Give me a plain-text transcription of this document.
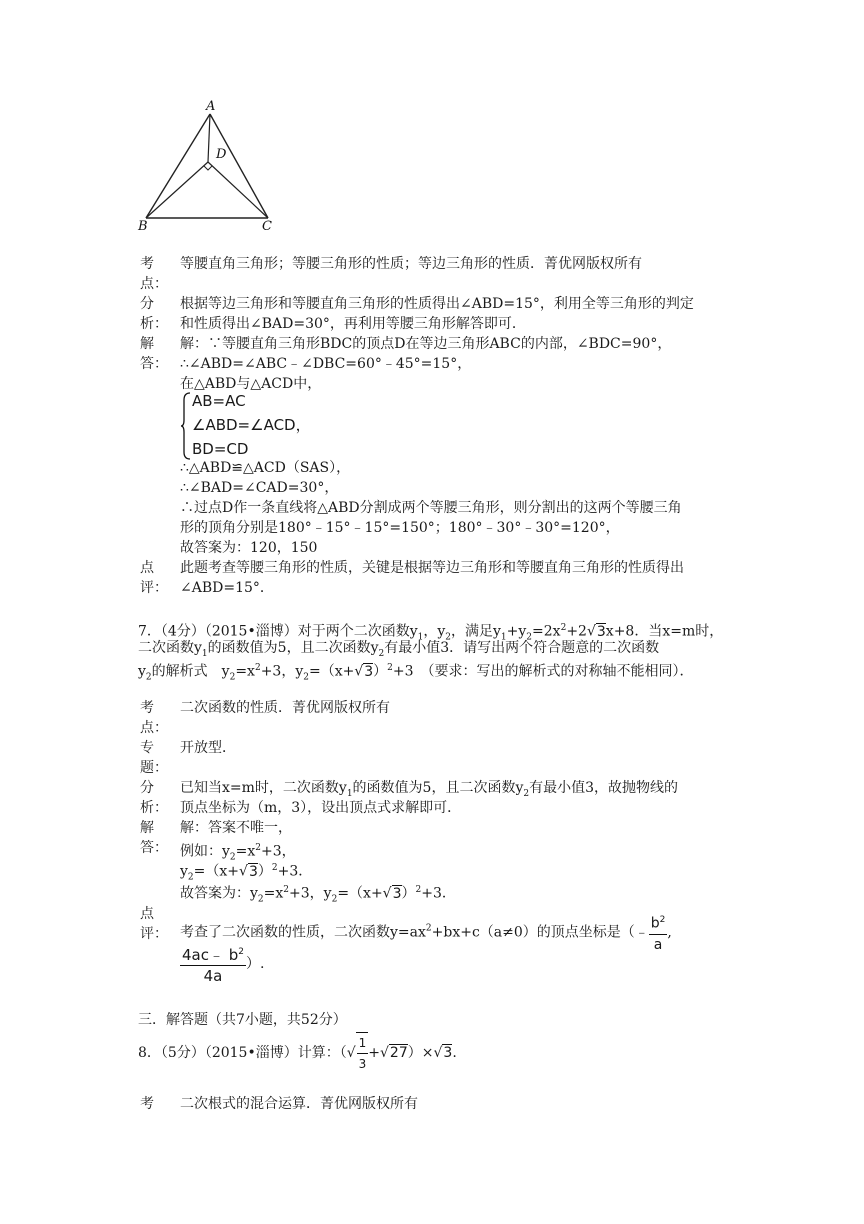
A
D
B	C
考
点：
等腰直角三角形；等腰三角形的性质；等边三角形的性质．菁优网版权所有
分
析：
根据等边三角形和等腰直角三角形的性质得出∠ABD=15°，利用全等三角形的判定
和性质得出∠BAD=30°，再利用等腰三角形解答即可．
解
答：
解：∵等腰直角三角形BDC的顶点D在等边三角形ABC的内部，∠BDC=90°，
∴∠ABD=∠ABC﹣∠DBC=60°﹣45°=15°，
在△ABD与△ACD中，
AB=AC
∠ABD=∠ACD，
BD=CD
∴△ABD≌△ACD（SAS），
∴∠BAD=∠CAD=30°，
∴过点D作一条直线将△ABD分割成两个等腰三角形，则分割出的这两个等腰三角
形的顶角分别是180°﹣15°﹣15°=150°；180°﹣30°﹣30°=120°，
故答案为：120，150
点
评：
此题考查等腰三角形的性质，关键是根据等边三角形和等腰直角三角形的性质得出
∠ABD=15°．
7．（4分）（2015•淄博）对于两个二次函数$y_1$，$y_2$，满足$y_1+y_2=2x^2+2√3x+8$．当x=m时，
二次函数$y_1$的函数值为5，且二次函数$y_2$有最小值3．请写出两个符合题意的二次函数
$y_2$的解析式　$y_2=x^2+3$，$y_2=(x+√3)^2+3$　（要求：写出的解析式的对称轴不能相同）．
考
点：
二次函数的性质．菁优网版权所有
专
题：
开放型．
分
析：
已知当x=m时，二次函数$y_1$的函数值为5，且二次函数$y_2$有最小值3，故抛物线的
顶点坐标为（m，3），设出顶点式求解即可．
解
答：
解：答案不唯一，
例如：$y_2=x^2+3$，
$y_2=(x+√3)^2+3$．
故答案为：$y_2=x^2+3$，$y_2=(x+√3)^2+3$．
点
评： 考查了二次函数的性质，二次函数$y=ax^2+bx+c(a\ne 0)$的顶点坐标是（﹣ $\frac{b^2}{a}$ ,
$\frac{4ac﹣ b^2}{4a}$ ）.
三．解答题（共7小题，共52分）
8．（5分）（2015•淄博）计算：（√ $\frac{1}{3} +√27)\times√3$.
考	二次根式的混合运算．菁优网版权所有
